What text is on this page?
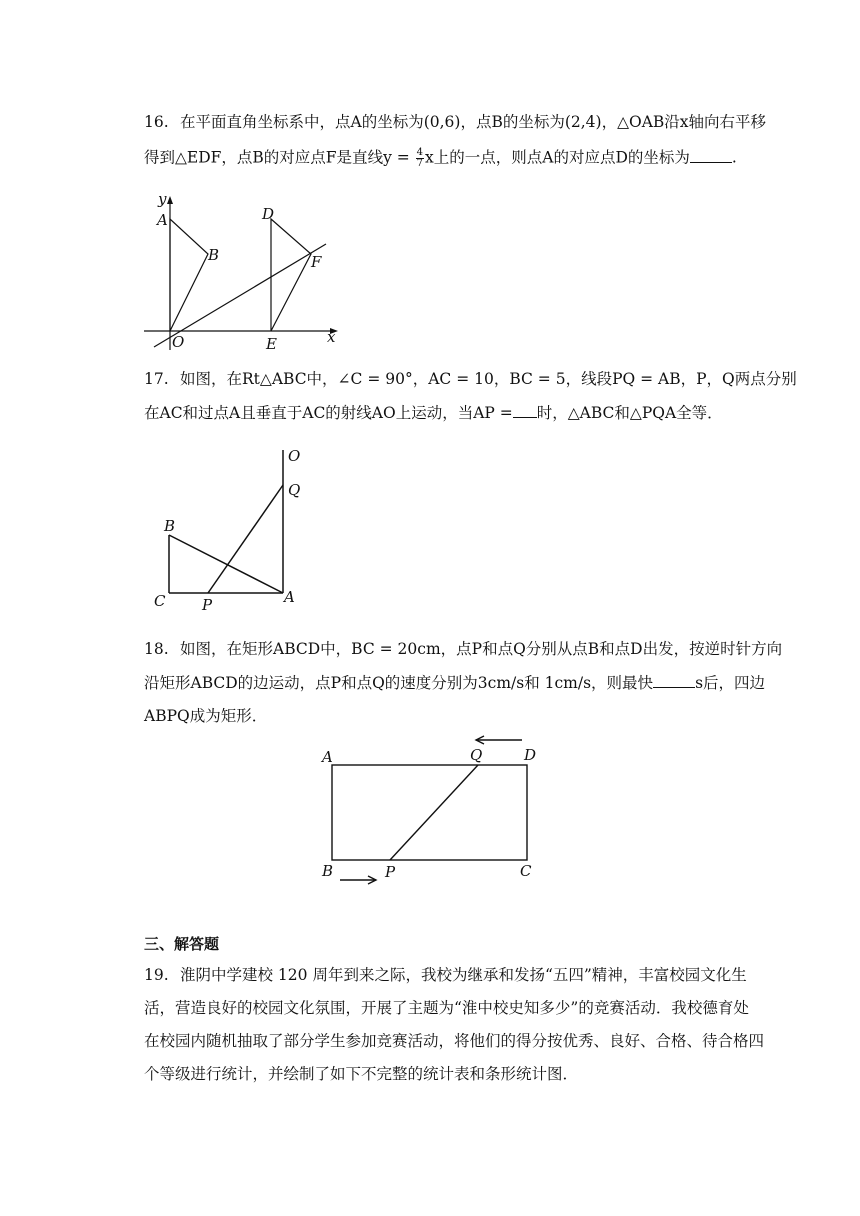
16. 在平面直角坐标系中，点A的坐标为(0,6)，点B的坐标为(2,4)，△OAB沿x轴向右平移
得到△EDF，点B的对应点F是直线$y = \frac{4}{7}$ x上的一点，则点A的对应点D的坐标为	.
y
A
B
D
F
O	E	x
17. 如图，在Rt△ABC中，∠C = 90°，AC = 10，BC = 5，线段PQ = AB，P，Q两点分别
在AC和过点A且垂直于AC的射线AO上运动，当AP = 时，△ABC和△PQA全等．
O
Q
B
C P	A
18. 如图，在矩形ABCD中，BC = 20cm，点P和点Q分别从点B和点D出发，按逆时针方向
沿矩形ABCD的边运动，点P和点Q的速度分别为3cm/s和 1cm/s，则最快	s后，四边
ABPQ成为矩形．
A	Q	D
B	P	C
三、解答题
19. 淮阴中学建校 120 周年到来之际，我校为继承和发扬“五四”精神，丰富校园文化生
活，营造良好的校园文化氛围，开展了主题为“淮中校史知多少”的竞赛活动．我校德育处
在校园内随机抽取了部分学生参加竞赛活动，将他们的得分按优秀、良好、合格、待合格四
个等级进行统计，并绘制了如下不完整的统计表和条形统计图．
